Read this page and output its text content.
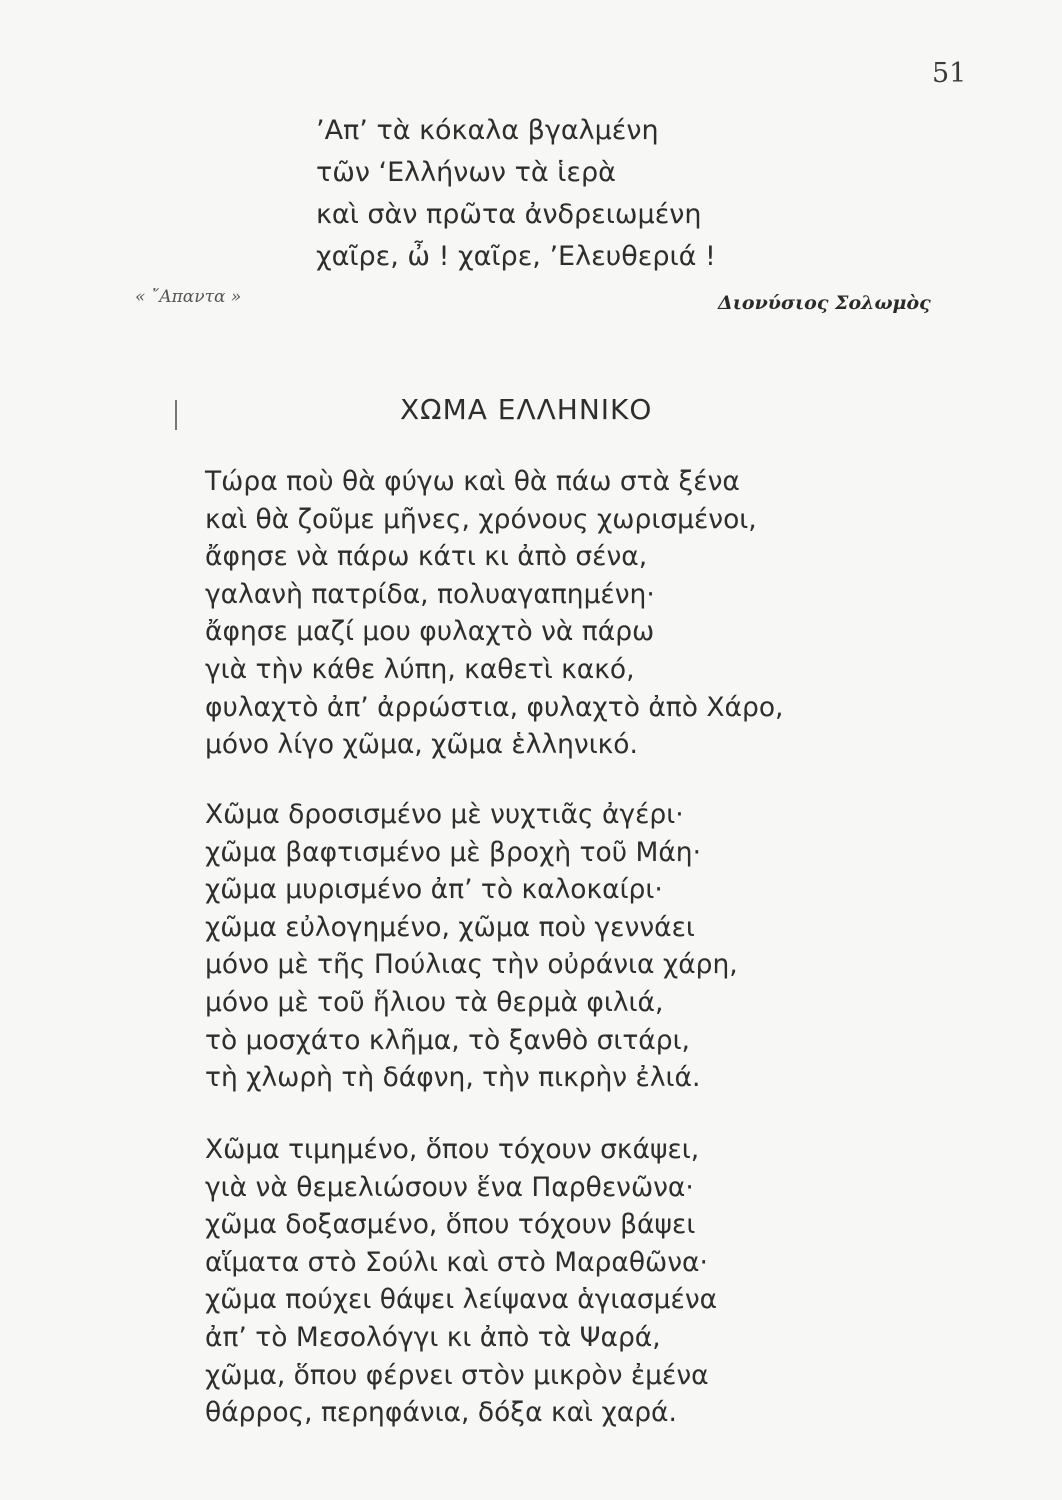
51
’Απ’ τὰ κόκαλα βγαλμένη
τῶν ‘Ελλήνων τὰ ἱερὰ
καὶ σὰν πρῶτα ἀνδρειωμένη
χαῖρε, ὦ ! χαῖρε, ’Ελευθεριά !
« ῎Απαντα »	Διονύσιος Σολωμὸς
ΧΩΜΑ ΕΛΛΗΝΙΚΟ
Τώρα ποὺ θὰ φύγω καὶ θὰ πάω στὰ ξένα
καὶ θὰ ζοῦμε μῆνες, χρόνους χωρισμένοι,
ἄφησε νὰ πάρω κάτι κι ἀπὸ σένα,
γαλανὴ πατρίδα, πολυαγαπημένη·
ἄφησε μαζί μου φυλαχτὸ νὰ πάρω
γιὰ τὴν κάθε λύπη, καθετὶ κακό,
φυλαχτὸ ἀπ’ ἀρρώστια, φυλαχτὸ ἀπὸ Χάρο,
μόνο λίγο χῶμα, χῶμα ἑλληνικό.
Χῶμα δροσισμένο μὲ νυχτιᾶς ἀγέρι·
χῶμα βαφτισμένο μὲ βροχὴ τοῦ Μάη·
χῶμα μυρισμένο ἀπ’ τὸ καλοκαίρι·
χῶμα εὐλογημένο, χῶμα ποὺ γεννάει
μόνο μὲ τῆς Πούλιας τὴν οὐράνια χάρη,
μόνο μὲ τοῦ ἥλιου τὰ θερμὰ φιλιά,
τὸ μοσχάτο κλῆμα, τὸ ξανθὸ σιτάρι,
τὴ χλωρὴ τὴ δάφνη, τὴν πικρὴν ἐλιά.
Χῶμα τιμημένο, ὅπου τόχουν σκάψει,
γιὰ νὰ θεμελιώσουν ἕνα Παρθενῶνα·
χῶμα δοξασμένο, ὅπου τόχουν βάψει
αἵματα στὸ Σούλι καὶ στὸ Μαραθῶνα·
χῶμα πούχει θάψει λείψανα ἁγιασμένα
ἀπ’ τὸ Μεσολόγγι κι ἀπὸ τὰ Ψαρά,
χῶμα, ὅπου φέρνει στὸν μικρὸν ἐμένα
θάρρος, περηφάνια, δόξα καὶ χαρά.
